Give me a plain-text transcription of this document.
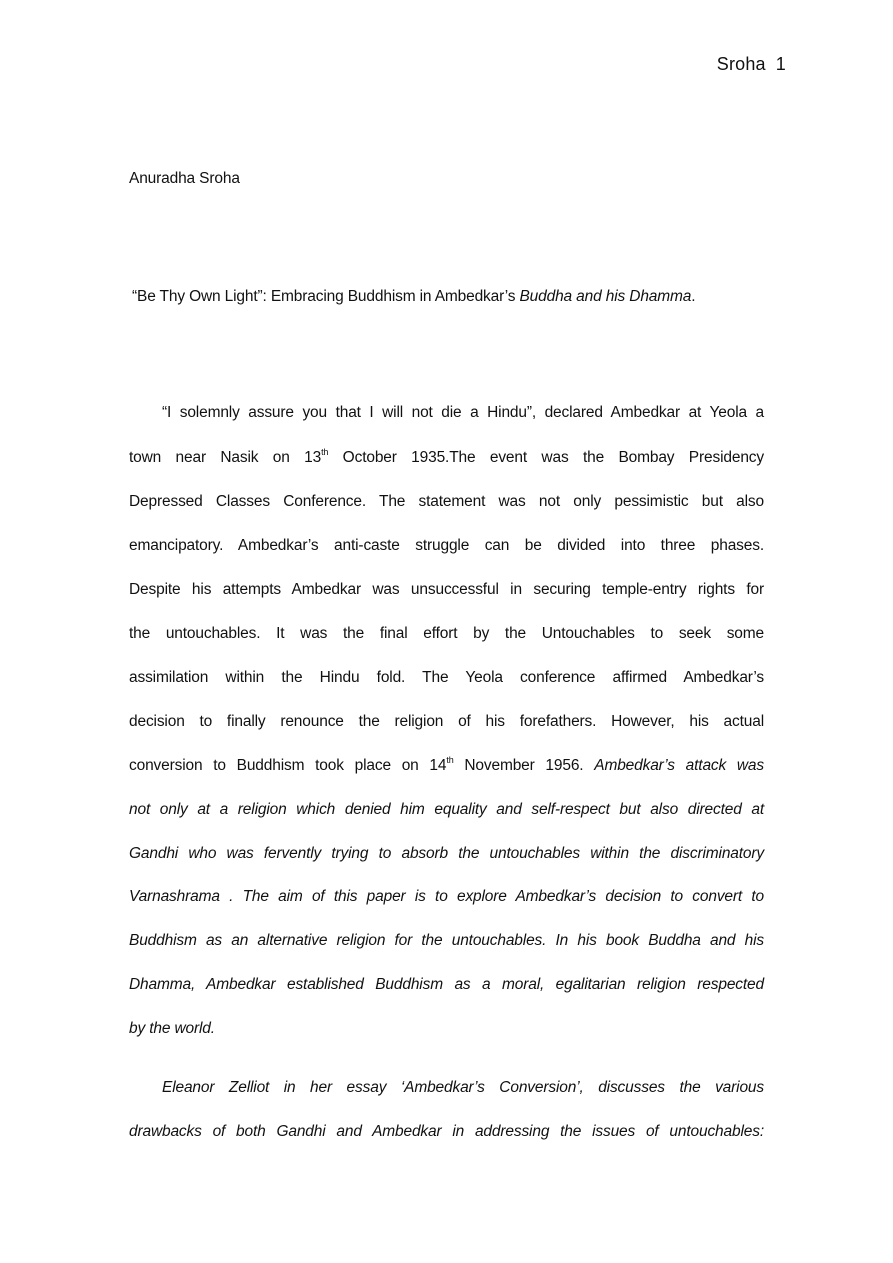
Sroha 1
Anuradha Sroha
“Be Thy Own Light”: Embracing Buddhism in Ambedkar’s Buddha and his Dhamma.
“I solemnly assure you that I will not die a Hindu”, declared Ambedkar at Yeola a
town near Nasik on 13th October 1935.The event was the Bombay Presidency
Depressed Classes Conference. The statement was not only pessimistic but also
emancipatory. Ambedkar’s anti-caste struggle can be divided into three phases.
Despite his attempts Ambedkar was unsuccessful in securing temple-entry rights for
the untouchables. It was the final effort by the Untouchables to seek some
assimilation within the Hindu fold. The Yeola conference affirmed Ambedkar’s
decision to finally renounce the religion of his forefathers. However, his actual
conversion to Buddhism took place on 14th November 1956. Ambedkar’s attack was
not only at a religion which denied him equality and self-respect but also directed at
Gandhi who was fervently trying to absorb the untouchables within the discriminatory
Varnashrama . The aim of this paper is to explore Ambedkar’s decision to convert to
Buddhism as an alternative religion for the untouchables. In his book Buddha and his
Dhamma, Ambedkar established Buddhism as a moral, egalitarian religion respected
by the world.
Eleanor Zelliot in her essay ‘Ambedkar’s Conversion’, discusses the various
drawbacks of both Gandhi and Ambedkar in addressing the issues of untouchables:
